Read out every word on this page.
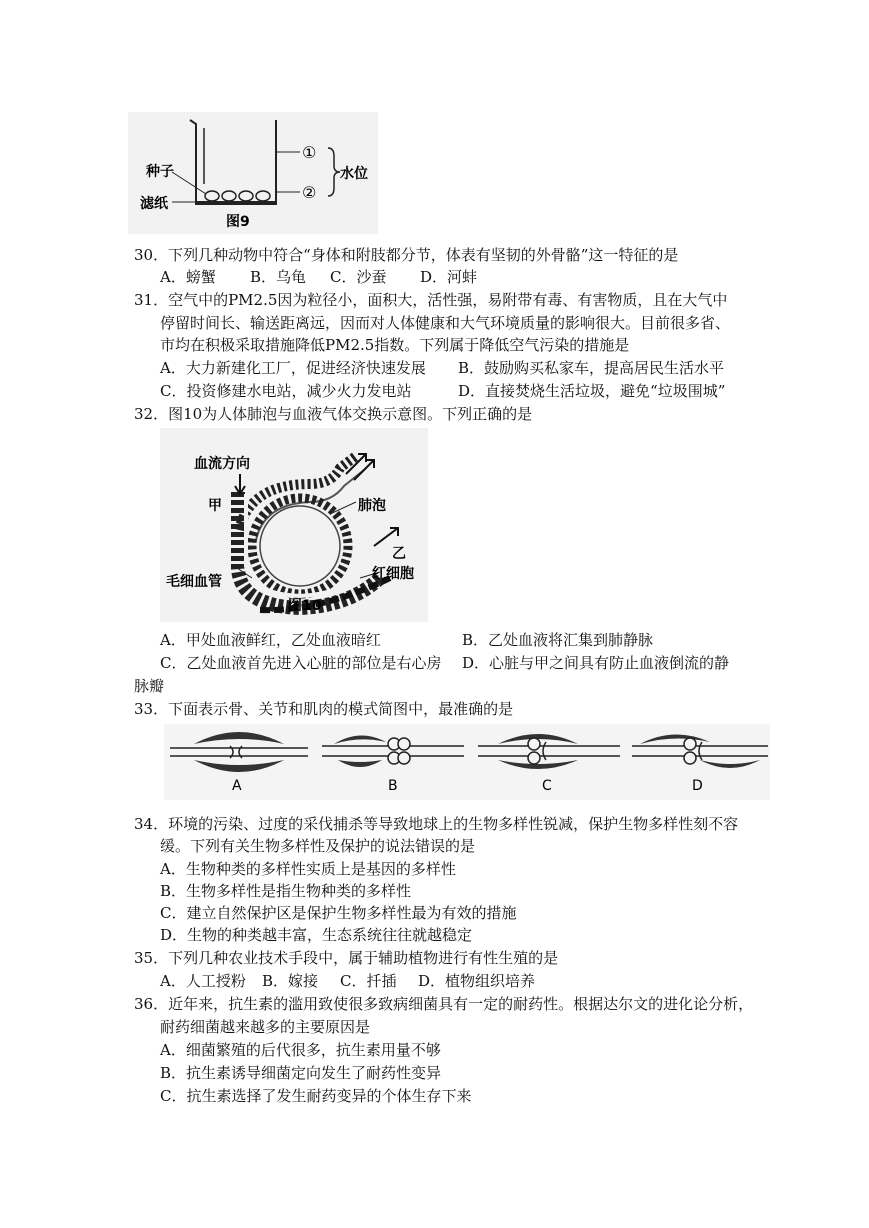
种子
滤纸
①
②
水位
图9
30．下列几种动物中符合“身体和附肢都分节，体表有坚韧的外骨骼”这一特征的是
A．螃蟹 B．乌龟 C．沙蚕 D．河蚌
31．空气中的PM2.5因为粒径小，面积大，活性强，易附带有毒、有害物质，且在大气中
停留时间长、输送距离远，因而对人体健康和大气环境质量的影响很大。目前很多省、
市均在积极采取措施降低PM2.5指数。下列属于降低空气污染的措施是
A．大力新建化工厂，促进经济快速发展 B．鼓励购买私家车，提高居民生活水平
C．投资修建水电站，减少火力发电站	D．直接焚烧生活垃圾，避免“垃圾围城”
32．图10为人体肺泡与血液气体交换示意图。下列正确的是
血流方向
甲	肺泡
乙
红细胞
毛细血管
图10
A．甲处血液鲜红，乙处血液暗红	B．乙处血液将汇集到肺静脉
C．乙处血液首先进入心脏的部位是右心房 D．心脏与甲之间具有防止血液倒流的静
脉瓣
33．下面表示骨、关节和肌肉的模式简图中，最准确的是
A	B	C	D
34．环境的污染、过度的采伐捕杀等导致地球上的生物多样性锐减，保护生物多样性刻不容
缓。下列有关生物多样性及保护的说法错误的是
A．生物种类的多样性实质上是基因的多样性
B．生物多样性是指生物种类的多样性
C．建立自然保护区是保护生物多样性最为有效的措施
D．生物的种类越丰富，生态系统往往就越稳定
35．下列几种农业技术手段中，属于辅助植物进行有性生殖的是
A．人工授粉 B．嫁接 C．扦插 D．植物组织培养
36．近年来，抗生素的滥用致使很多致病细菌具有一定的耐药性。根据达尔文的进化论分析，
耐药细菌越来越多的主要原因是
A．细菌繁殖的后代很多，抗生素用量不够
B．抗生素诱导细菌定向发生了耐药性变异
C．抗生素选择了发生耐药变异的个体生存下来
